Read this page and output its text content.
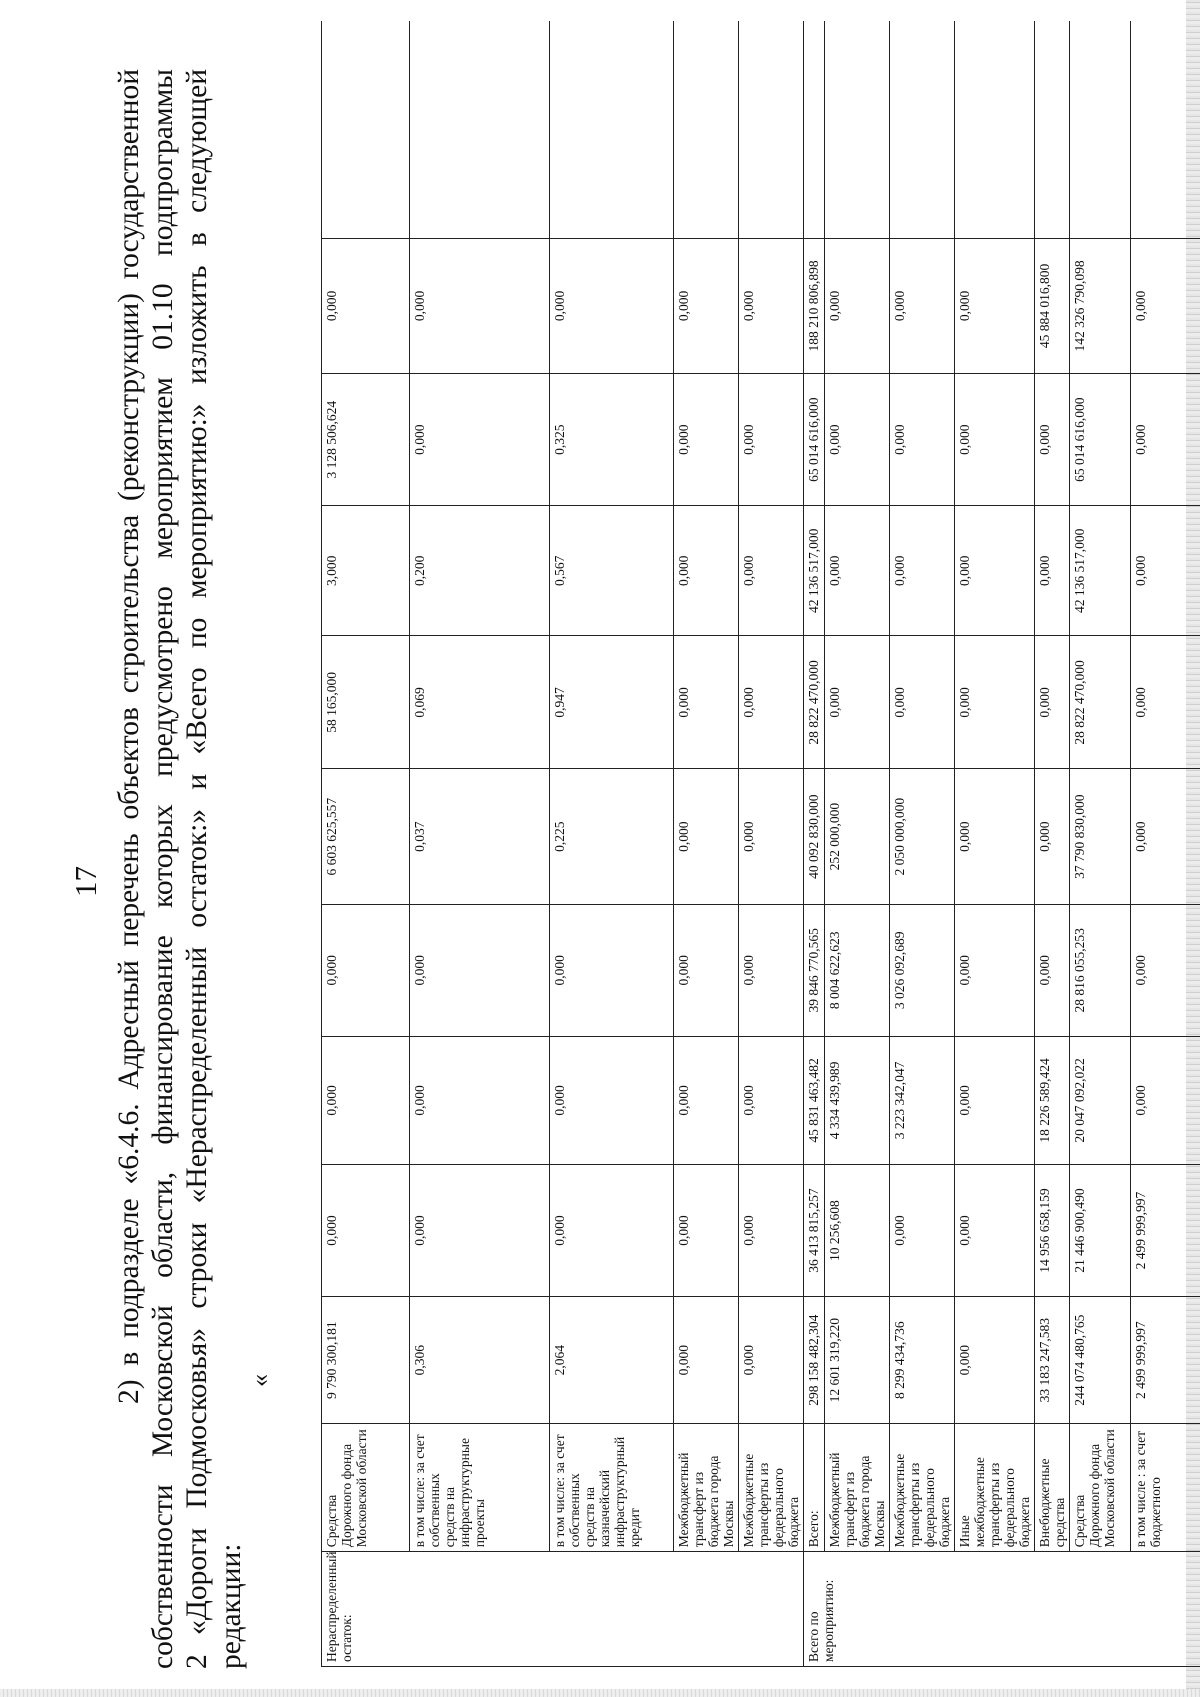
17 2) в подразделе «6.4.6. Адресный перечень объектов строительства (реконструкции) государственной собственности Московской области, финансирование которых предусмотрено мероприятием 01.10 подпрограммы 2 «Дороги Подмосковья» строки «Нераспределенный остаток:» и «Всего по мероприятию:» изложить в следующей редакции:
«
Нераспределенный остаток:	Средства Дорожного фонда Московской области	9 790 300,181	0,000	0,000	0,000	6 603 625,557	58 165,000	3,000	3 128 506,624	0,000	
	в том числе: за счет собственных средств на инфраструктурные проекты	0,306	0,000	0,000	0,000	0,037	0,069	0,200	0,000	0,000	
	в том числе: за счет собственных средств на казначейский инфраструктурный кредит	2,064	0,000	0,000	0,000	0,225	0,947	0,567	0,325	0,000	
	Межбюджетный трансферт из бюджета города Москвы	0,000	0,000	0,000	0,000	0,000	0,000	0,000	0,000	0,000	
	Межбюджетные трансферты из федерального бюджета	0,000	0,000	0,000	0,000	0,000	0,000	0,000	0,000	0,000	
Всего по мероприятию:	Всего:	298 158 482,304	36 413 815,257	45 831 463,482	39 846 770,565	40 092 830,000	28 822 470,000	42 136 517,000	65 014 616,000	188 210 806,898	
	Межбюджетный трансферт из бюджета города Москвы	12 601 319,220	10 256,608	4 334 439,989	8 004 622,623	252 000,000	0,000	0,000	0,000	0,000	
	Межбюджетные трансферты из федерального бюджета	8 299 434,736	0,000	3 223 342,047	3 026 092,689	2 050 000,000	0,000	0,000	0,000	0,000	
	Иные межбюджетные трансферты из федерального бюджета	0,000	0,000	0,000	0,000	0,000	0,000	0,000	0,000	0,000	
	Внебюджетные средства	33 183 247,583	14 956 658,159	18 226 589,424	0,000	0,000	0,000	0,000	0,000	45 884 016,800	
	Средства Дорожного фонда Московской области	244 074 480,765	21 446 900,490	20 047 092,022	28 816 055,253	37 790 830,000	28 822 470,000	42 136 517,000	65 014 616,000	142 326 790,098	
	в том числе : за счет бюджетного	2 499 999,997	2 499 999,997	0,000	0,000	0,000	0,000	0,000	0,000	0,000	
